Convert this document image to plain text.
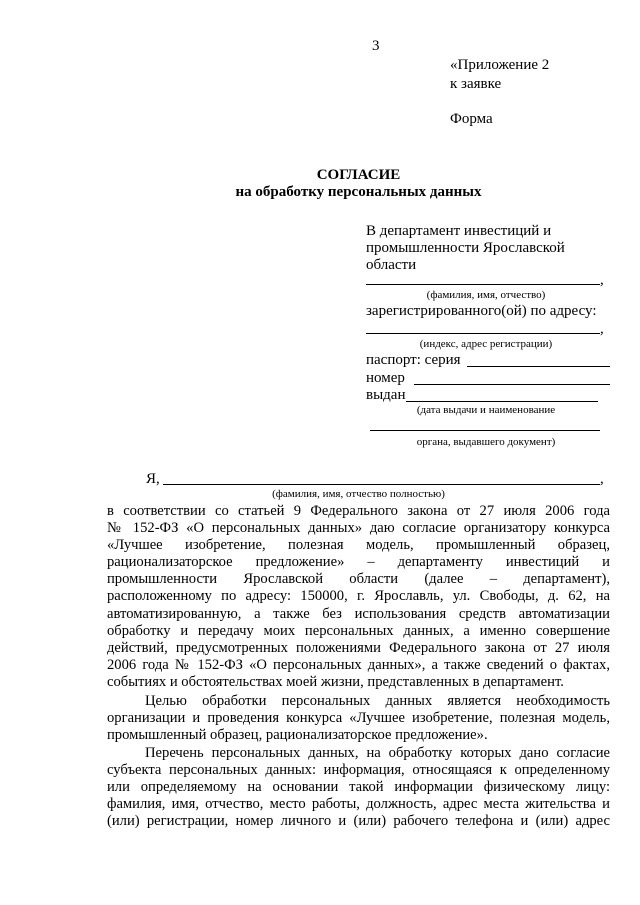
3
«Приложение 2
к заявке
Форма
СОГЛАСИЕ
на обработку персональных данных
В департамент инвестиций и
промышленности Ярославской
области
,
(фамилия, имя, отчество)
зарегистрированного(ой) по адресу:
,
(индекс, адрес регистрации)
паспорт: серия
номер
выдан
(дата выдачи и наименование
органа, выдавшего документ)
Я,	,
(фамилия, имя, отчество полностью)
в соответствии со статьей 9 Федерального закона от 27 июля 2006 года
№ 152-ФЗ «О персональных данных» даю согласие организатору конкурса
«Лучшее изобретение, полезная модель, промышленный образец,
рационализаторское предложение» – департаменту инвестиций и
промышленности Ярославской области (далее – департамент),
расположенному по адресу: 150000, г. Ярославль, ул. Свободы, д. 62, на
автоматизированную, а также без использования средств автоматизации
обработку и передачу моих персональных данных, а именно совершение
действий, предусмотренных положениями Федерального закона от 27 июля
2006 года № 152-ФЗ «О персональных данных», а также сведений о фактах,
событиях и обстоятельствах моей жизни, представленных в департамент.
Целью обработки персональных данных является необходимость
организации и проведения конкурса «Лучшее изобретение, полезная модель,
промышленный образец, рационализаторское предложение».
Перечень персональных данных, на обработку которых дано согласие
субъекта персональных данных: информация, относящаяся к определенному
или определяемому на основании такой информации физическому лицу:
фамилия, имя, отчество, место работы, должность, адрес места жительства и
(или) регистрации, номер личного и (или) рабочего телефона и (или) адрес
